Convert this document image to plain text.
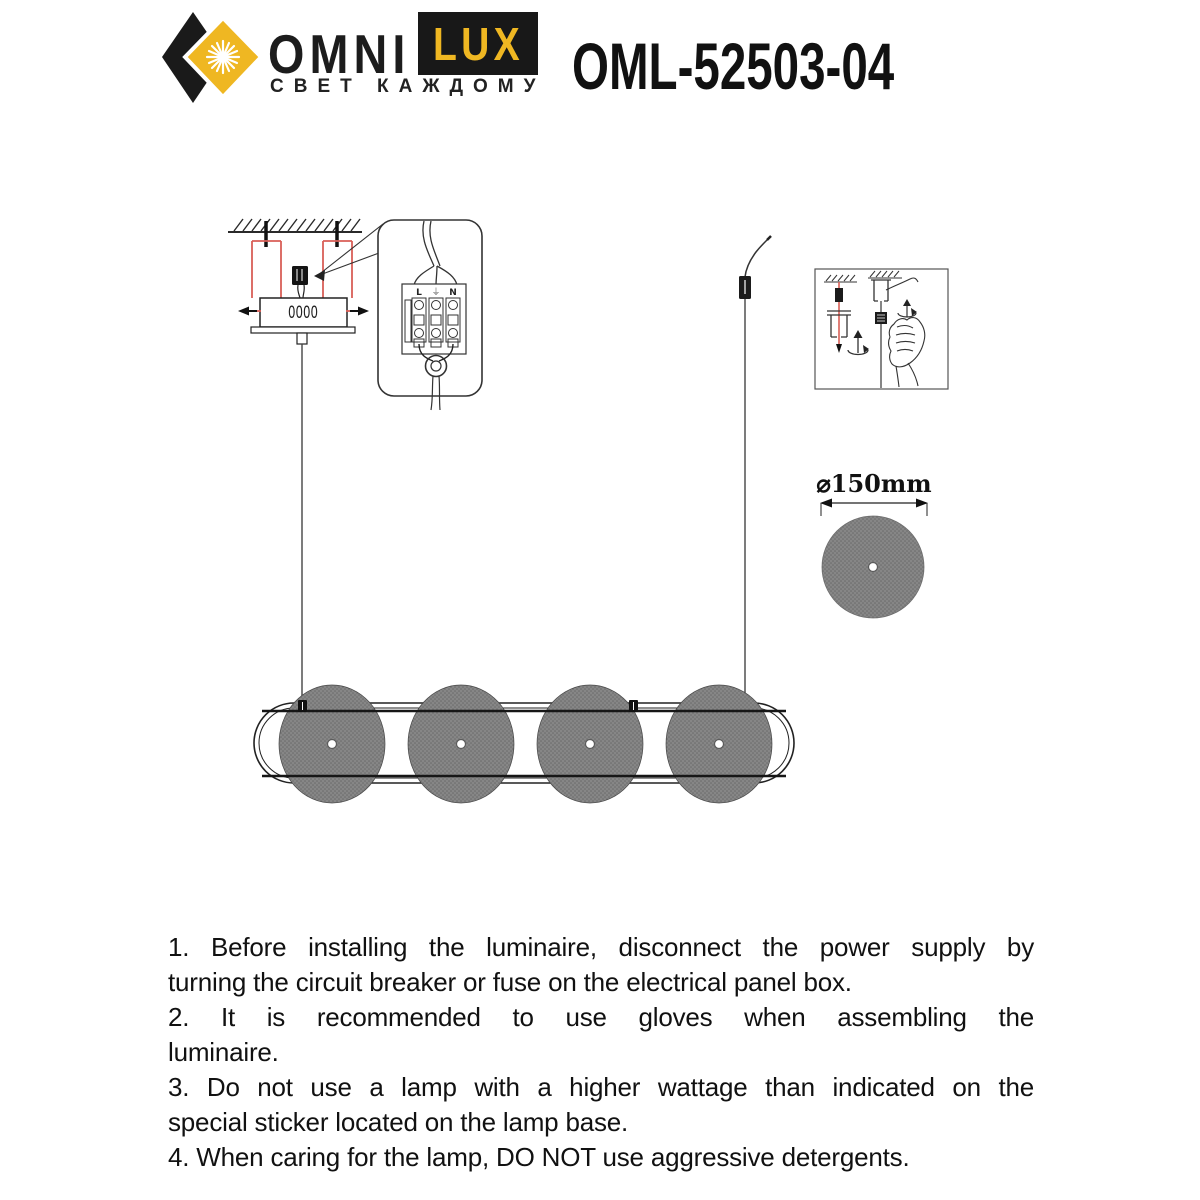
OMNI LUX
СВЕТ КАЖДОМУ OML-52503-04
0000
L ⏚ N
⌀150mm
1. Before installing the luminaire, disconnect the power supply by
turning the circuit breaker or fuse on the electrical panel box.
2. It is recommended to use gloves when assembling the
luminaire.
3. Do not use a lamp with a higher wattage than indicated on the
special sticker located on the lamp base.
4. When caring for the lamp, DO NOT use aggressive detergents.
